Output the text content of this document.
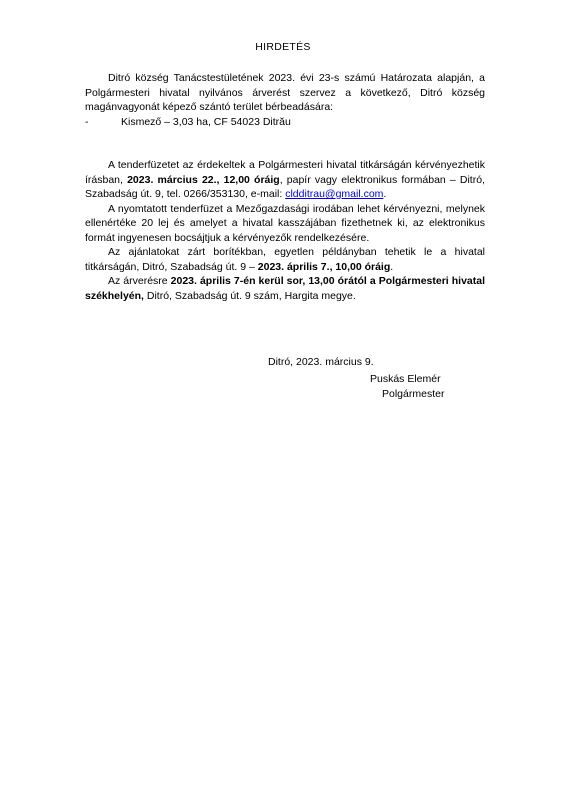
HIRDETÉS

Ditró község Tanácstestületének 2023. évi 23-s számú Határozata alapján, a Polgármesteri hivatal nyilvános árverést szervez a következő, Ditró község magánvagyonát képező szántó terület bérbeadására:

-	Kismező – 3,03 ha, CF 54023 Ditrău

A tenderfüzetet az érdekeltek a Polgármesteri hivatal titkárságán kérvényezhetik írásban, 2023. március 22., 12,00 óráig, papír vagy elektronikus formában – Ditró, Szabadság út. 9, tel. 0266/353130, e-mail: cldditrau@gmail.com.

A nyomtatott tenderfüzet a Mezőgazdasági irodában lehet kérvényezni, melynek ellenértéke 20 lej és amelyet a hivatal kasszájában fizethetnek ki, az elektronikus formát ingyenesen bocsájtjuk a kérvényezők rendelkezésére.

Az ajánlatokat zárt borítékban, egyetlen példányban tehetik le a hivatal titkárságán, Ditró, Szabadság út. 9 – 2023. április 7., 10,00 óráig.

Az árverésre 2023. április 7-én kerül sor, 13,00 órától a Polgármesteri hivatal székhelyén, Ditró, Szabadság út. 9 szám, Hargita megye.

Ditró, 2023. március 9.
Puskás Elemér
Polgármester
